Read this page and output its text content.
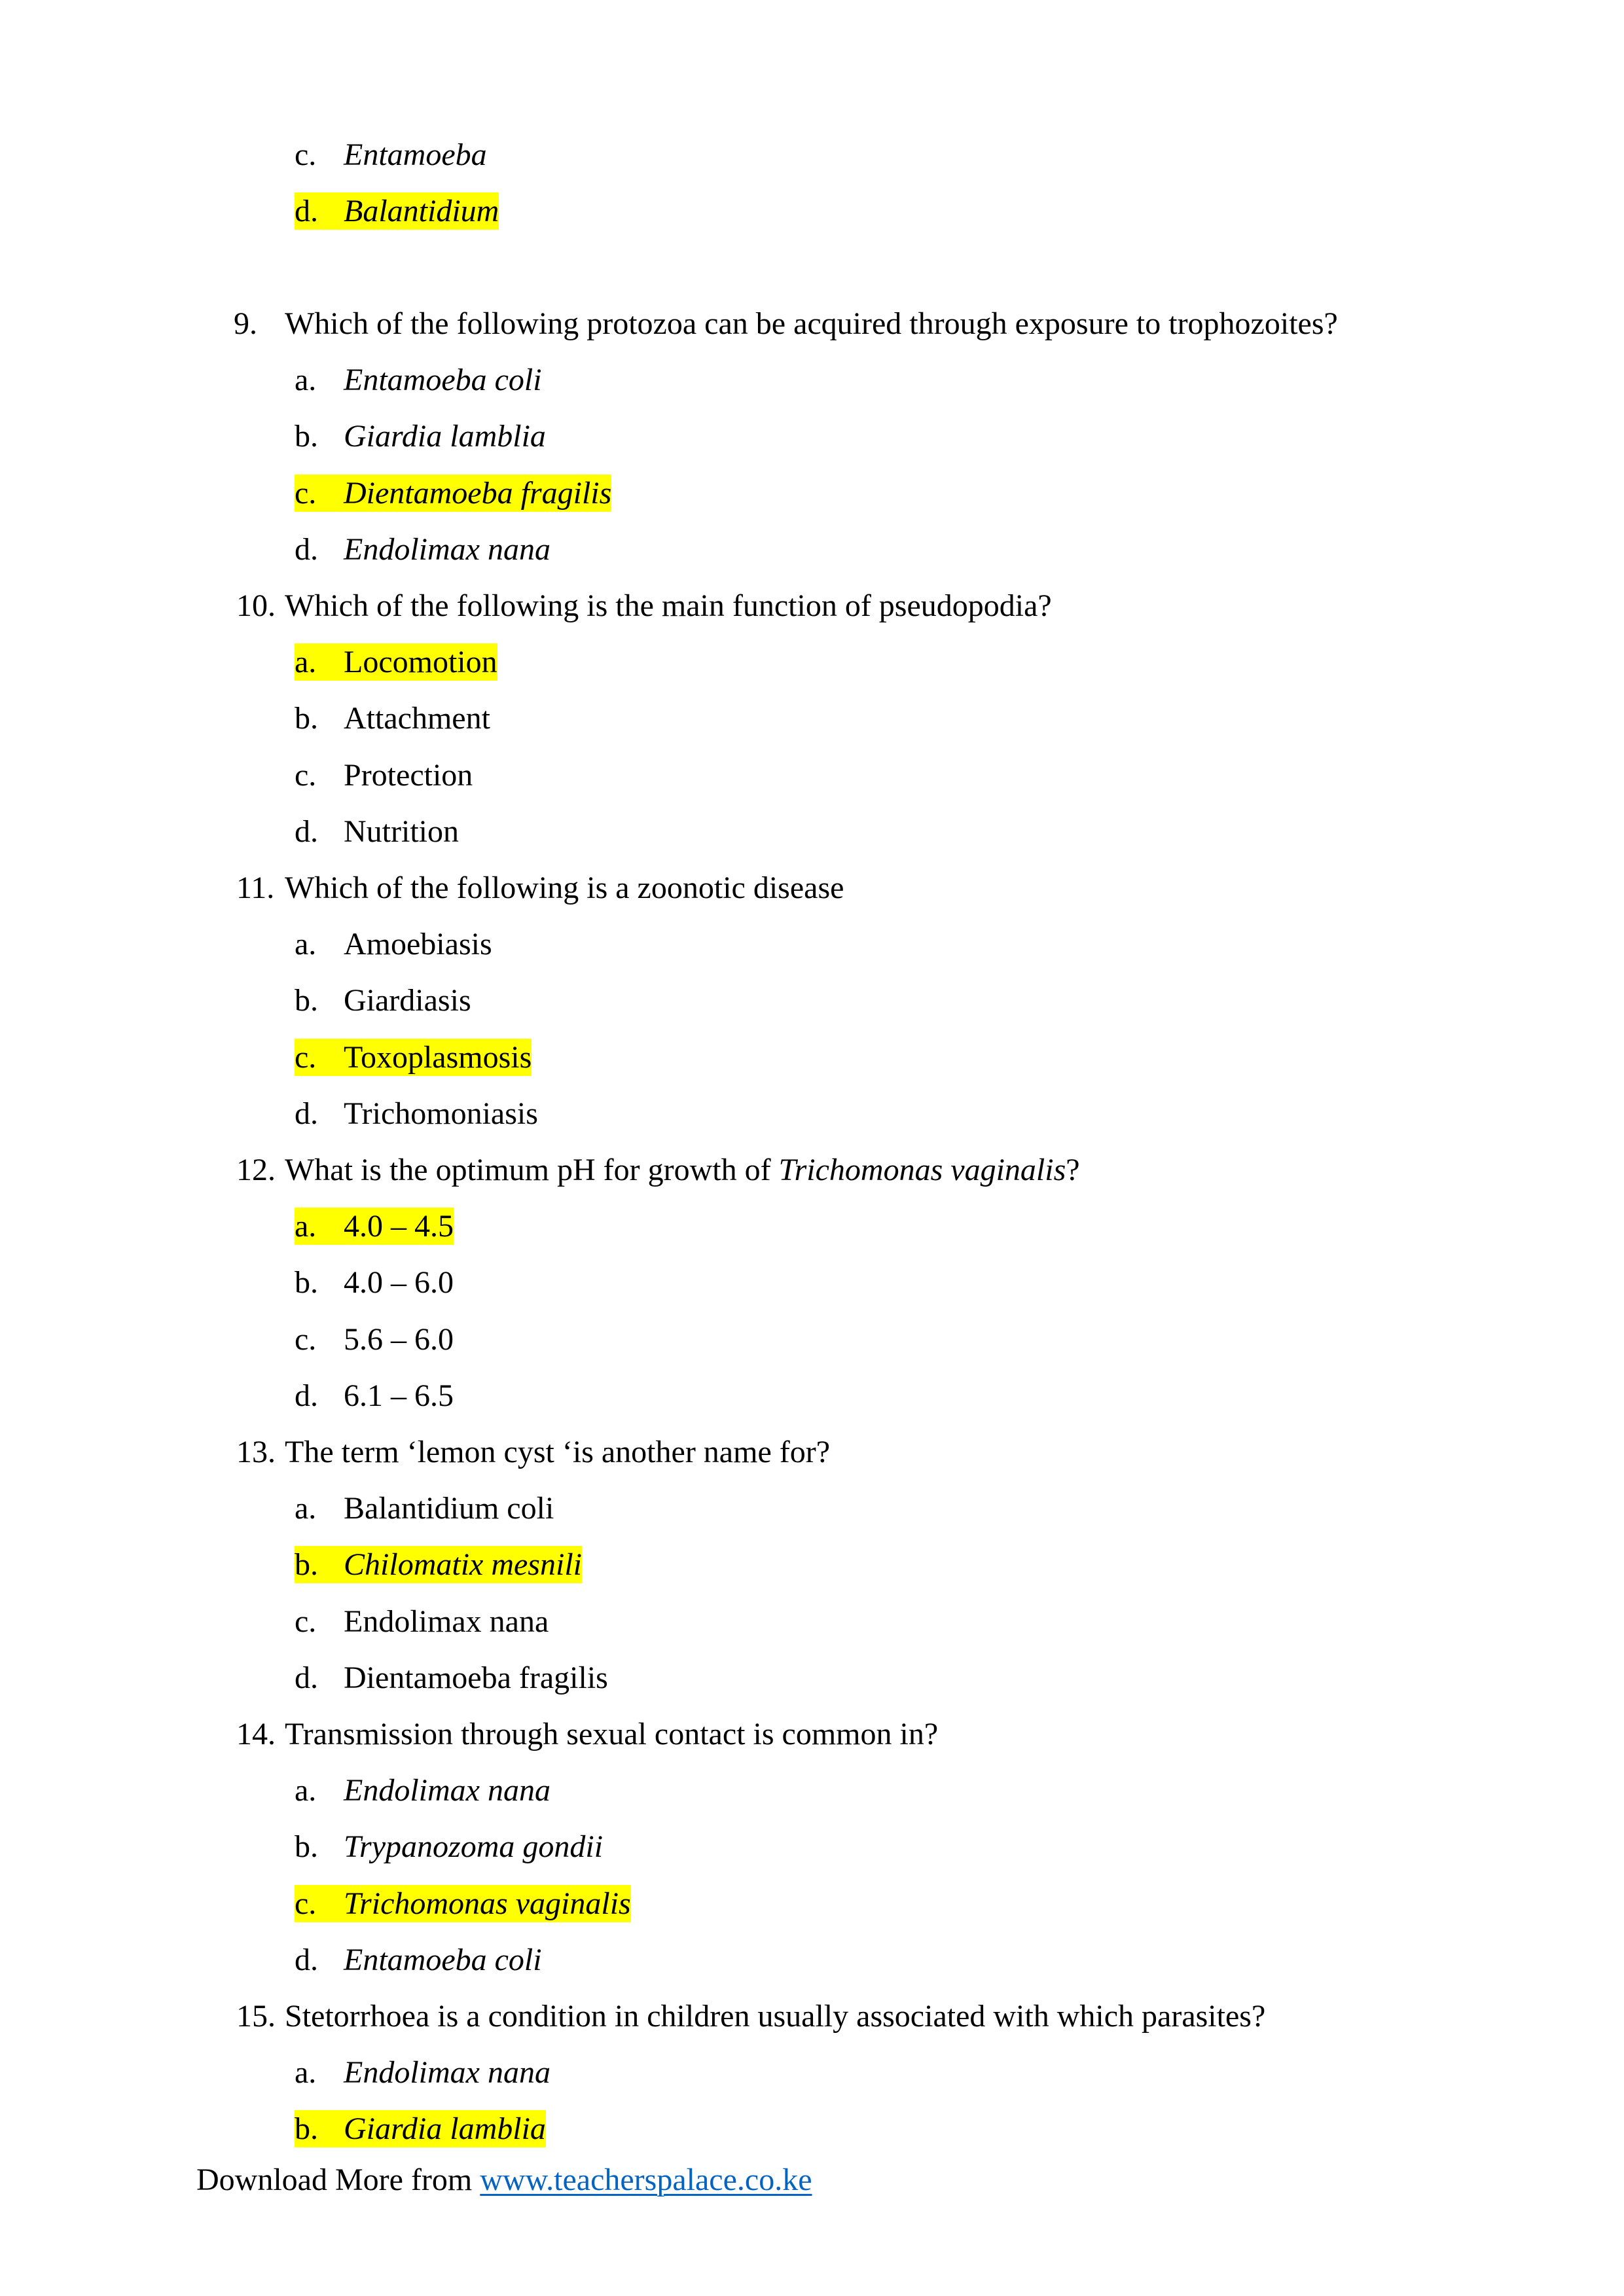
c. Entamoeba
d. Balantidium
9. Which of the following protozoa can be acquired through exposure to trophozoites?
a. Entamoeba coli
b. Giardia lamblia
c. Dientamoeba fragilis
d. Endolimax nana
10. Which of the following is the main function of pseudopodia?
a. Locomotion
b. Attachment
c. Protection
d. Nutrition
11. Which of the following is a zoonotic disease
a. Amoebiasis
b. Giardiasis
c. Toxoplasmosis
d. Trichomoniasis
12. What is the optimum pH for growth of Trichomonas vaginalis?
a. 4.0 – 4.5
b. 4.0 – 6.0
c. 5.6 – 6.0
d. 6.1 – 6.5
13. The term ‘lemon cyst ‘is another name for?
a. Balantidium coli
b. Chilomatix mesnili
c. Endolimax nana
d. Dientamoeba fragilis
14. Transmission through sexual contact is common in?
a. Endolimax nana
b. Trypanozoma gondii
c. Trichomonas vaginalis
d. Entamoeba coli
15. Stetorrhoea is a condition in children usually associated with which parasites?
a. Endolimax nana
b. Giardia lamblia
Download More from www.teacherspalace.co.ke
